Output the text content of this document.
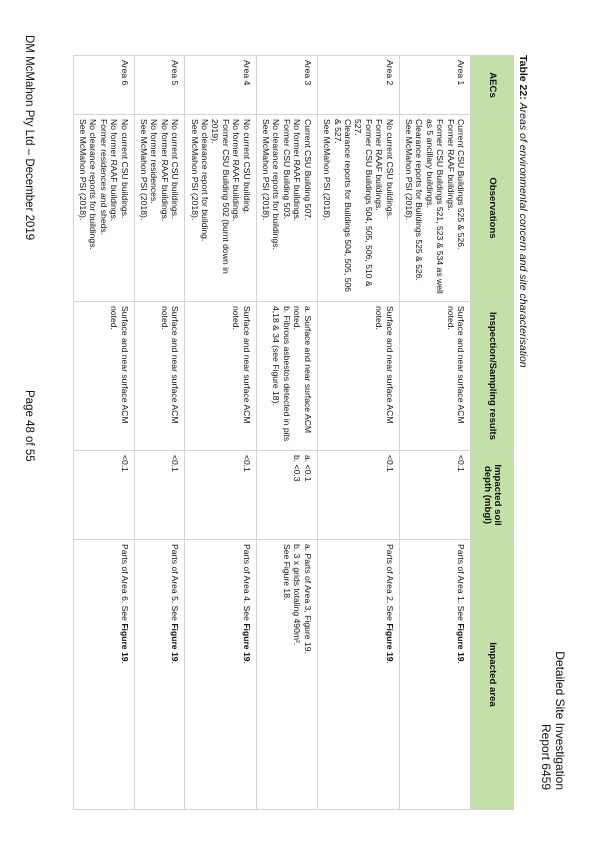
Detailed Site Investigation
Report 6459
Table 22: Areas of environmental concern and site characterisation
AECs	Observations	Inspection/Sampling results	Impacted soil depth (mbgl)	Impacted area
Area 1	Current CSU Buildings 525 & 526.
Former RAAF buildings.
Former CSU Buildings 521, 523 & 534 as well as 5 ancillary buildings.
Clearance reports for Buildings 525 & 526.
See McMahon PSI (2018).	Surface and near surface ACM noted.	<0.1	Parts of Area 1. See Figure 19.
Area 2	No current CSU buildings.
Former RAAF buildings.
Former CSU Buildings 504, 505, 506, 510 & 527.
Clearance reports for Buildings 504, 505, 506 & 527.
See McMahon PSI (2018).	Surface and near surface ACM noted.	<0.1	Parts of Area 2. See Figure 19.
Area 3	Current CSU Building 507.
No former RAAF buildings.
Former CSU Building 503.
No clearance reports for buildings.
See McMahon PSI (2018).	a. Surface and near surface ACM noted.
b. Fibrous asbestos detected in pits 4,18 & 34 (see Figure 18).	a. <0.1
b. <0.3	a. Parts of Area 3, Figure 19.
b. 3 x grids totaling 490m².
See Figure 18.

Area 4	No current CSU building.
No former RAAF buildings.
Former CSU Building 502 (burnt down in 2019).
No clearance report for building.
See McMahon PSI (2018).	Surface and near surface ACM noted.	<0.1	Parts of Area 4. See Figure 19.
Area 5	No current CSU buildings.
No former RAAF buildings.
No former residences.
See McMahon PSI (2018).	Surface and near surface ACM noted.	<0.1	Parts of Area 5. See Figure 19.
Area 6	No current CSU buildings.
No former RAAF buildings.
Former residences and sheds.
No clearance reports for buildings.
See McMahon PSI (2018).	Surface and near surface ACM noted.	<0.1	Parts of Area 6. See Figure 19.
DM McMahon Pty Ltd – December 2019
Page 48 of 55
